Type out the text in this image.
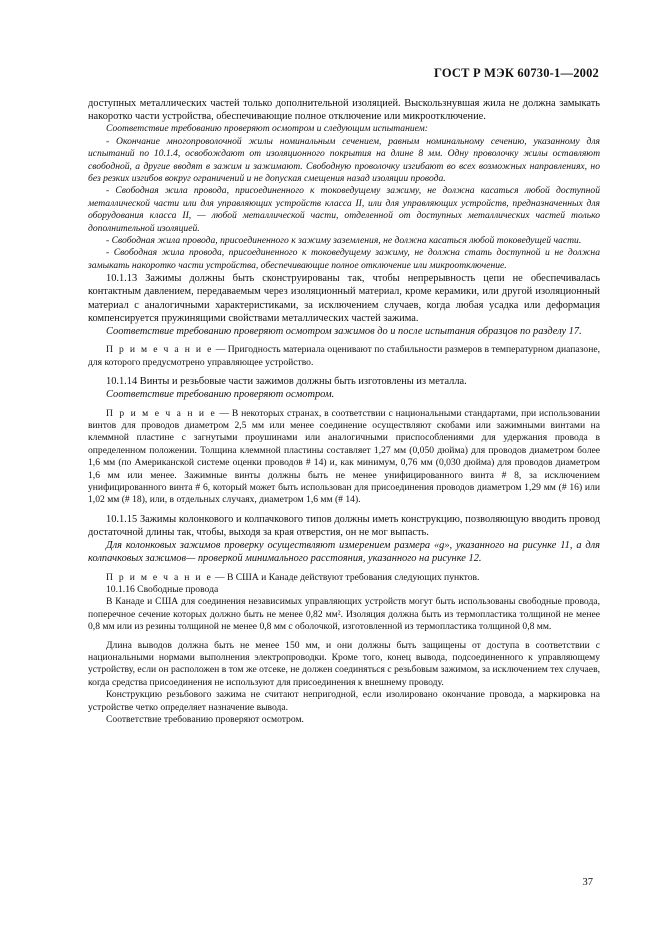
ГОСТ Р МЭК 60730-1—2002

доступных металлических частей только дополнительной изоляцией. Выскользнувшая жила не должна замыкать накоротко части устройства, обеспечивающие полное отключение или микроотключение.

Соответствие требованию проверяют осмотром и следующим испытанием:

- Окончание многопроволочной жилы номинальным сечением, равным номинальному сечению, указанному для испытаний по 10.1.4, освобождают от изоляционного покрытия на длине 8 мм. Одну проволочку жилы оставляют свободной, а другие вводят в зажим и зажимают. Свободную проволочку изгибают во всех возможных направлениях, но без резких изгибов вокруг ограничений и не допуская смещения назад изоляции провода.

- Свободная жила провода, присоединенного к токоведущему зажиму, не должна касаться любой доступной металлической части или для управляющих устройств класса II, или для управляющих устройств, предназначенных для оборудования класса II, — любой металлической части, отделенной от доступных металлических частей только дополнительной изоляцией.

- Свободная жила провода, присоединенного к зажиму заземления, не должна касаться любой токоведущей части.

- Свободная жила провода, присоединенного к токоведущему зажиму, не должна стать доступной и не должна замыкать накоротко части устройства, обеспечивающие полное отключение или микроотключение.

10.1.13 Зажимы должны быть сконструированы так, чтобы непрерывность цепи не обеспечивалась контактным давлением, передаваемым через изоляционный материал, кроме керамики, или другой изоляционный материал с аналогичными характеристиками, за исключением случаев, когда любая усадка или деформация компенсируется пружинящими свойствами металлических частей зажима.

Соответствие требованию проверяют осмотром зажимов до и после испытания образцов по разделу 17.

П р и м е ч а н и е — Пригодность материала оценивают по стабильности размеров в температурном диапазоне, для которого предусмотрено управляющее устройство.

10.1.14 Винты и резьбовые части зажимов должны быть изготовлены из металла.

Соответствие требованию проверяют осмотром.

П р и м е ч а н и е — В некоторых странах, в соответствии с национальными стандартами, при использовании винтов для проводов диаметром 2,5 мм или менее соединение осуществляют скобами или зажимными винтами на клеммной пластине с загнутыми проушинами или аналогичными приспособлениями для удержания провода в определенном положении. Толщина клеммной пластины составляет 1,27 мм (0,050 дюйма) для проводов диаметром более 1,6 мм (по Американской системе оценки проводов # 14) и, как минимум, 0,76 мм (0,030 дюйма) для проводов диаметром 1,6 мм или менее. Зажимные винты должны быть не менее унифицированного винта # 8, за исключением унифицированного винта # 6, который может быть использован для присоединения проводов диаметром 1,29 мм (# 16) или 1,02 мм (# 18), или, в отдельных случаях, диаметром 1,6 мм (# 14).

10.1.15 Зажимы колонкового и колпачкового типов должны иметь конструкцию, позволяющую вводить провод достаточной длины так, чтобы, выходя за края отверстия, он не мог выпасть.

Для колонковых зажимов проверку осуществляют измерением размера «g», указанного на рисунке 11, а для колпачковых зажимов— проверкой минимального расстояния, указанного на рисунке 12.

П р и м е ч а н и е — В США и Канаде действуют требования следующих пунктов.

10.1.16 Свободные провода

В Канаде и США для соединения независимых управляющих устройств могут быть использованы свободные провода, поперечное сечение которых должно быть не менее 0,82 мм². Изоляция должна быть из термопластика толщиной не менее 0,8 мм или из резины толщиной не менее 0,8 мм с оболочкой, изготовленной из термопластика толщиной 0,8 мм.

Длина выводов должна быть не менее 150 мм, и они должны быть защищены от доступа в соответствии с национальными нормами выполнения электропроводки. Кроме того, конец вывода, подсоединенного к управляющему устройству, если он расположен в том же отсеке, не должен соединяться с резьбовым зажимом, за исключением тех случаев, когда средства присоединения не используют для присоединения к внешнему проводу.

Конструкцию резьбового зажима не считают непригодной, если изолировано окончание провода, а маркировка на устройстве четко определяет назначение вывода.

Соответствие требованию проверяют осмотром.

37
